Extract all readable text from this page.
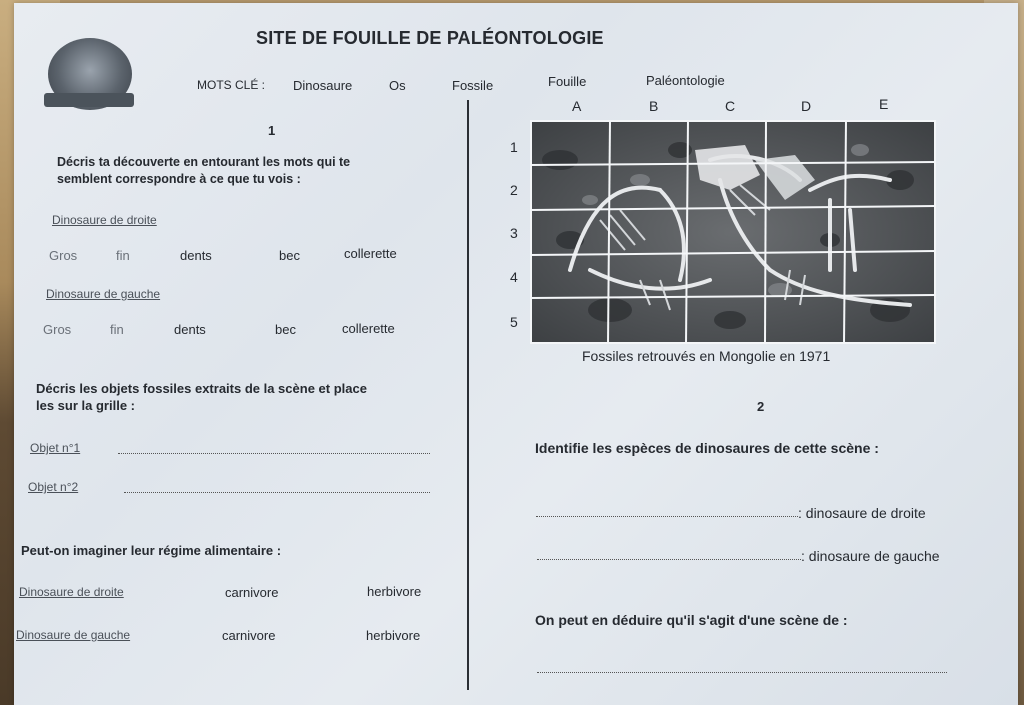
SITE DE FOUILLE DE PALÉONTOLOGIE
MOTS CLÉ : Dinosaure	Os	Fossile	Fouille	Paléontologie
1
Décris ta découverte en entourant les mots qui te
semblent correspondre à ce que tu vois :
Dinosaure de droite
Gros	fin	dents	bec	collerette
Dinosaure de gauche
Gros	fin	dents	bec	collerette
Décris les objets fossiles extraits de la scène et place
les sur la grille :
Objet n°1
Objet n°2
Peut-on imaginer leur régime alimentaire :
Dinosaure de droite	carnivore	herbivore
Dinosaure de gauche	carnivore	herbivore
A	B	C	D	E
1
2
3
4
5
Fossiles retrouvés en Mongolie en 1971
2
Identifie les espèces de dinosaures de cette scène :
: dinosaure de droite
: dinosaure de gauche
On peut en déduire qu'il s'agit d'une scène de :
